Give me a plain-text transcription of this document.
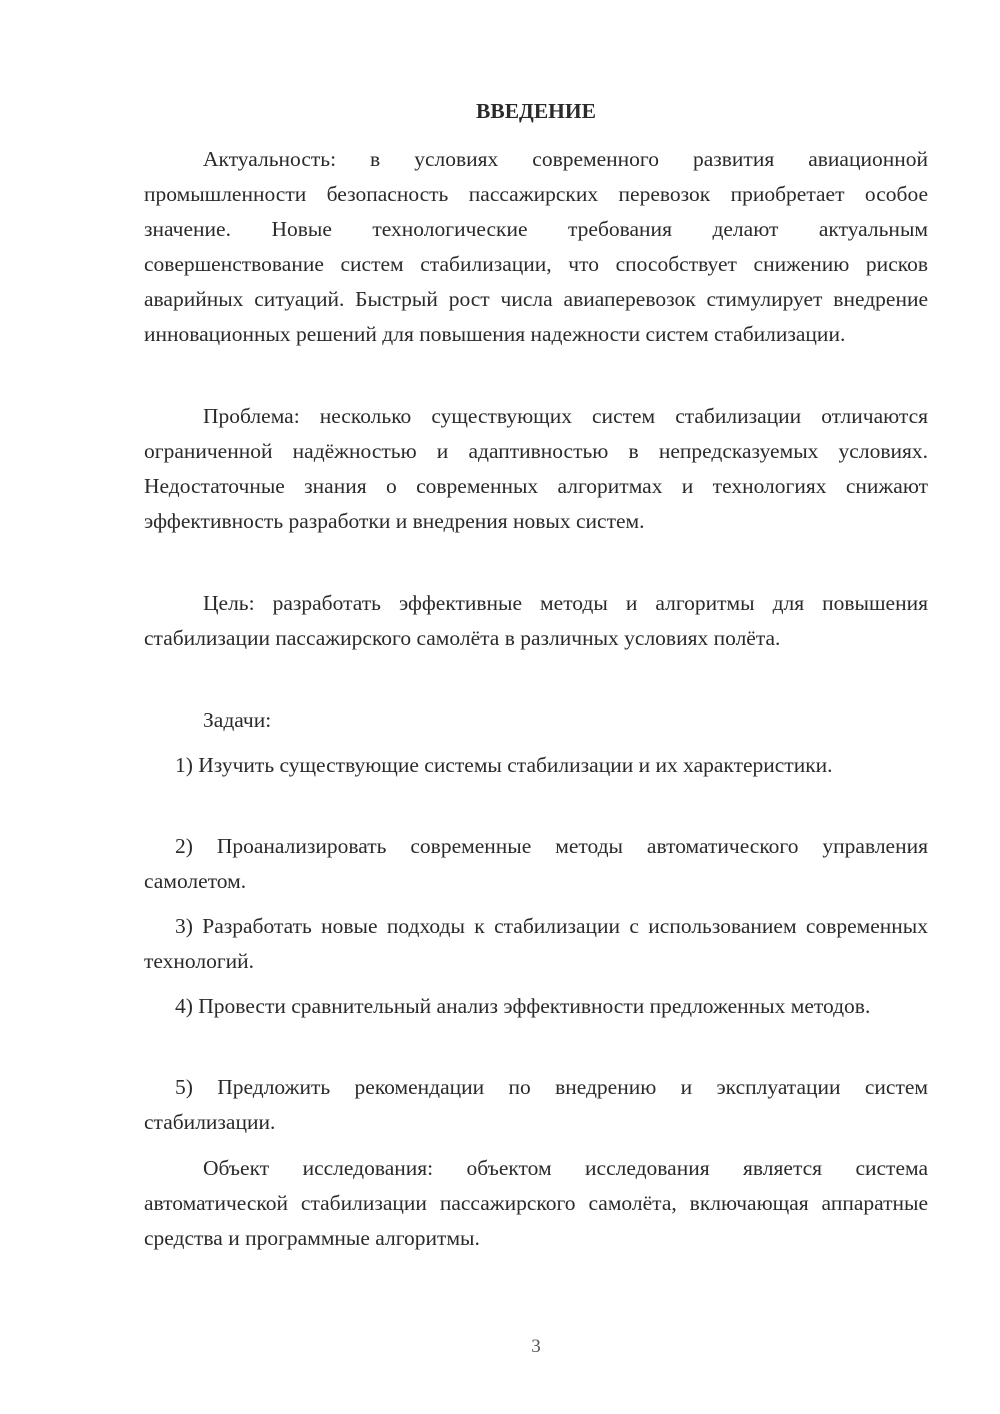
ВВЕДЕНИЕ

Актуальность: в условиях современного развития авиационной промышленности безопасность пассажирских перевозок приобретает особое значение. Новые технологические требования делают актуальным совершенствование систем стабилизации, что способствует снижению рисков аварийных ситуаций. Быстрый рост числа авиаперевозок стимулирует внедрение инновационных решений для повышения надежности систем стабилизации.

Проблема: несколько существующих систем стабилизации отличаются ограниченной надёжностью и адаптивностью в непредсказуемых условиях. Недостаточные знания о современных алгоритмах и технологиях снижают эффективность разработки и внедрения новых систем.

Цель: разработать эффективные методы и алгоритмы для повышения стабилизации пассажирского самолёта в различных условиях полёта.

Задачи:

1) Изучить существующие системы стабилизации и их характеристики.

2) Проанализировать современные методы автоматического управления самолетом.

3) Разработать новые подходы к стабилизации с использованием современных технологий.

4) Провести сравнительный анализ эффективности предложенных методов.

5) Предложить рекомендации по внедрению и эксплуатации систем стабилизации.

Объект исследования: объектом исследования является система автоматической стабилизации пассажирского самолёта, включающая аппаратные средства и программные алгоритмы.

3
